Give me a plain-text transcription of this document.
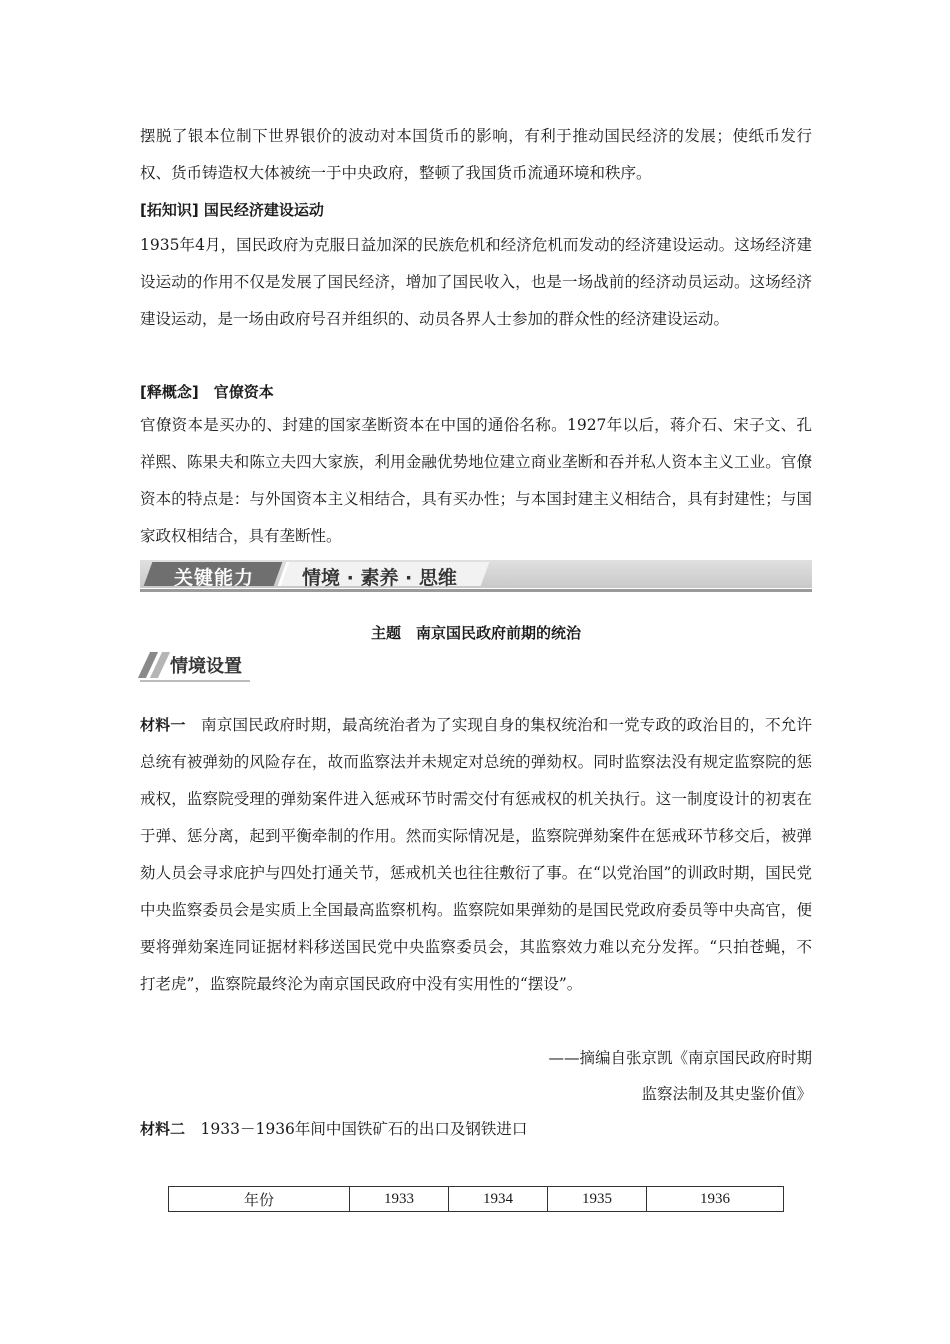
摆脱了银本位制下世界银价的波动对本国货币的影响，有利于推动国民经济的发展；使纸币发行权、货币铸造权大体被统一于中央政府，整顿了我国货币流通环境和秩序。

[拓知识] 国民经济建设运动

1935年4月，国民政府为克服日益加深的民族危机和经济危机而发动的经济建设运动。这场经济建设运动的作用不仅是发展了国民经济，增加了国民收入，也是一场战前的经济动员运动。这场经济建设运动，是一场由政府号召并组织的、动员各界人士参加的群众性的经济建设运动。

[释概念]　官僚资本

官僚资本是买办的、封建的国家垄断资本在中国的通俗名称。1927年以后，蒋介石、宋子文、孔祥熙、陈果夫和陈立夫四大家族，利用金融优势地位建立商业垄断和吞并私人资本主义工业。官僚资本的特点是：与外国资本主义相结合，具有买办性；与本国封建主义相结合，具有封建性；与国家政权相结合，具有垄断性。

关键能力	情境 · 素养 · 思维
主题　南京国民政府前期的统治
情境设置

材料一　 南京国民政府时期，最高统治者为了实现自身的集权统治和一党专政的政治目的，不允许总统有被弹劾的风险存在，故而监察法并未规定对总统的弹劾权。同时监察法没有规定监察院的惩戒权，监察院受理的弹劾案件进入惩戒环节时需交付有惩戒权的机关执行。这一制度设计的初衷在于弹、惩分离，起到平衡牵制的作用。然而实际情况是，监察院弹劾案件在惩戒环节移交后，被弹劾人员会寻求庇护与四处打通关节，惩戒机关也往往敷衍了事。在“以党治国”的训政时期，国民党中央监察委员会是实质上全国最高监察机构。监察院如果弹劾的是国民党政府委员等中央高官，便要将弹劾案连同证据材料移送国民党中央监察委员会，其监察效力难以充分发挥。“只拍苍蝇，不打老虎”，监察院最终沦为南京国民政府中没有实用性的“摆设”。

——摘编自张京凯《南京国民政府时期
监察法制及其史鉴价值》

材料二　 1933－1936年间中国铁矿石的出口及钢铁进口

年份	1933	1934	1935	1936
